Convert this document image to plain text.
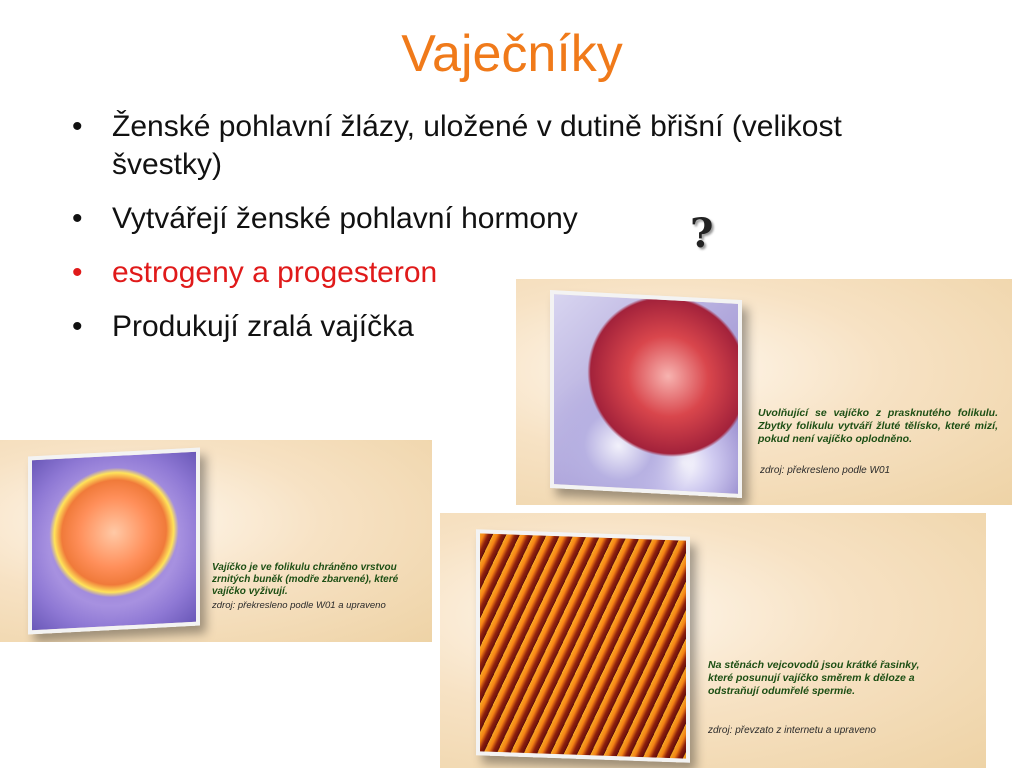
Vaječníky
• Ženské pohlavní žlázy, uložené v dutině břišní (velikost švestky)
• Vytvářejí ženské pohlavní hormony
• estrogeny a progesteron
• Produkují zralá vajíčka
?
Uvolňující se vajíčko z prasknutého folikulu. Zbytky folikulu vytváří žluté tělísko, které mizí, pokud není vajíčko oplodněno.
zdroj: překresleno podle W01
Vajíčko je ve folikulu chráněno vrstvou zrnitých buněk (modře zbarvené), které vajíčko vyživují.
zdroj: překresleno podle W01 a upraveno
Na stěnách vejcovodů jsou krátké řasinky, které posunují vajíčko směrem k děloze a odstraňují odumřelé spermie.
zdroj: převzato z internetu a upraveno
